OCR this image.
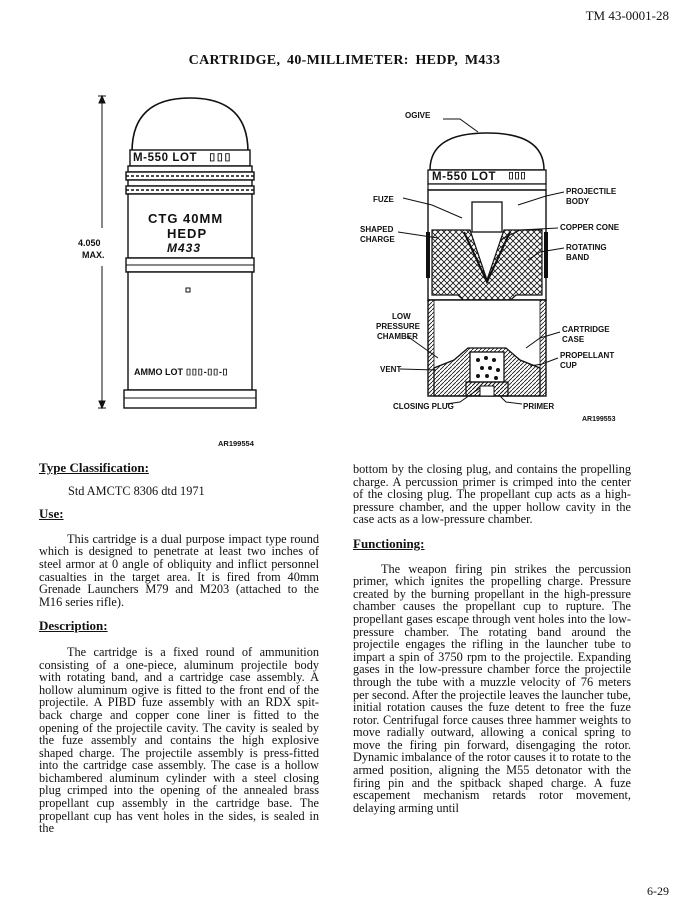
TM 43-0001-28
CARTRIDGE, 40-MILLIMETER: HEDP, M433
M-550 LOT ⌷⌷⌷
CTG 40MM
HEDP
M433
AMMO LOT ⌷⌷⌷-⌷⌷-⌷
4.050
MAX.
AR199554
M-550 LOT ⌷⌷⌷
OGIVE
FUZE
SHAPED
CHARGE
PROJECTILE
BODY
COPPER CONE
ROTATING
BAND
LOW
PRESSURE
CHAMBER
CARTRIDGE
CASE
PROPELLANT
CUP
VENT
CLOSING PLUG	PRIMER
AR199553
Type Classification:
Std AMCTC 8306 dtd 1971
Use:

This cartridge is a dual purpose impact type round which is designed to penetrate at least two inches of steel armor at 0 angle of obliquity and inflict personnel casualties in the target area. It is fired from 40mm Grenade Launchers M79 and M203 (attached to the M16 series rifle).

Description:

The cartridge is a fixed round of ammunition consisting of a one-piece, aluminum projectile body with rotating band, and a cartridge case assembly. A hollow aluminum ogive is fitted to the front end of the projectile. A PIBD fuze assembly with an RDX spit-back charge and copper cone liner is fitted to the opening of the projectile cavity. The cavity is sealed by the fuze assembly and contains the high explosive shaped charge. The projectile assembly is press-fitted into the cartridge case assembly. The case is a hollow bichambered aluminum cylinder with a steel closing plug crimped into the opening of the annealed brass propellant cup assembly in the cartridge base. The propellant cup has vent holes in the sides, is sealed in the

bottom by the closing plug, and contains the propelling charge. A percussion primer is crimped into the center of the closing plug. The propellant cup acts as a high-pressure chamber, and the upper hollow cavity in the case acts as a low-pressure chamber.
Functioning:

The weapon firing pin strikes the percussion primer, which ignites the propelling charge. Pressure created by the burning propellant in the high-pressure chamber causes the propellant cup to rupture. The propellant gases escape through vent holes into the low-pressure chamber. The rotating band around the projectile engages the rifling in the launcher tube to impart a spin of 3750 rpm to the projectile. Expanding gases in the low-pressure chamber force the projectile through the tube with a muzzle velocity of 76 meters per second. After the projectile leaves the launcher tube, initial rotation causes the fuze detent to free the fuze rotor. Centrifugal force causes three hammer weights to move radially outward, allowing a conical spring to move the firing pin forward, disengaging the rotor. Dynamic imbalance of the rotor causes it to rotate to the armed position, aligning the M55 detonator with the firing pin and the spitback shaped charge. A fuze escapement mechanism retards rotor movement, delaying arming until

6-29
